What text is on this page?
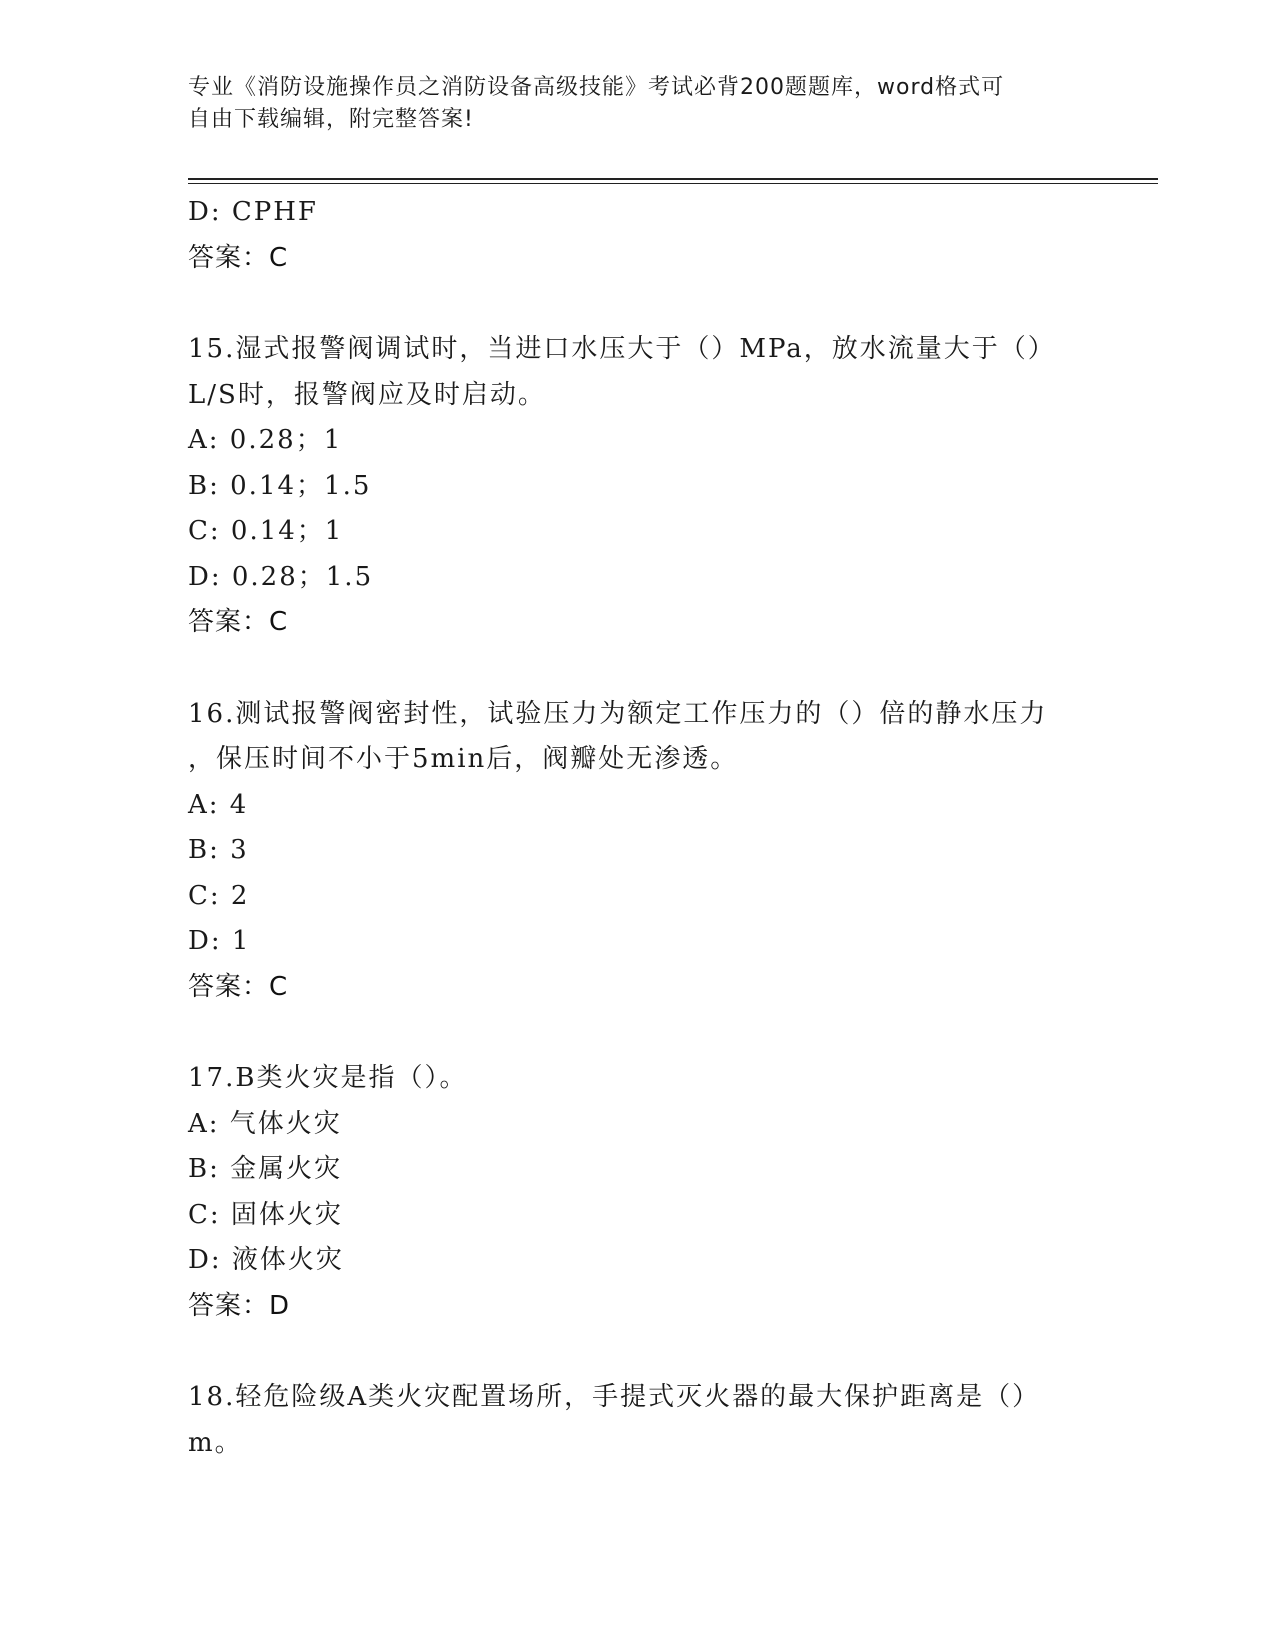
专业《消防设施操作员之消防设备高级技能》考试必背200题题库，word格式可
自由下载编辑，附完整答案!
D: CPHF
答案：C
15.湿式报警阀调试时，当进口水压大于（）MPa，放水流量大于（）
L/S时，报警阀应及时启动。
A: 0.28；1
B: 0.14；1.5
C: 0.14；1
D: 0.28；1.5
答案：C
16.测试报警阀密封性，试验压力为额定工作压力的（）倍的静水压力
，保压时间不小于5min后，阀瓣处无渗透。
A: 4
B: 3
C: 2
D: 1
答案：C
17.B类火灾是指（）。
A: 气体火灾
B: 金属火灾
C: 固体火灾
D: 液体火灾
答案：D
18.轻危险级A类火灾配置场所，手提式灭火器的最大保护距离是（）
m。
